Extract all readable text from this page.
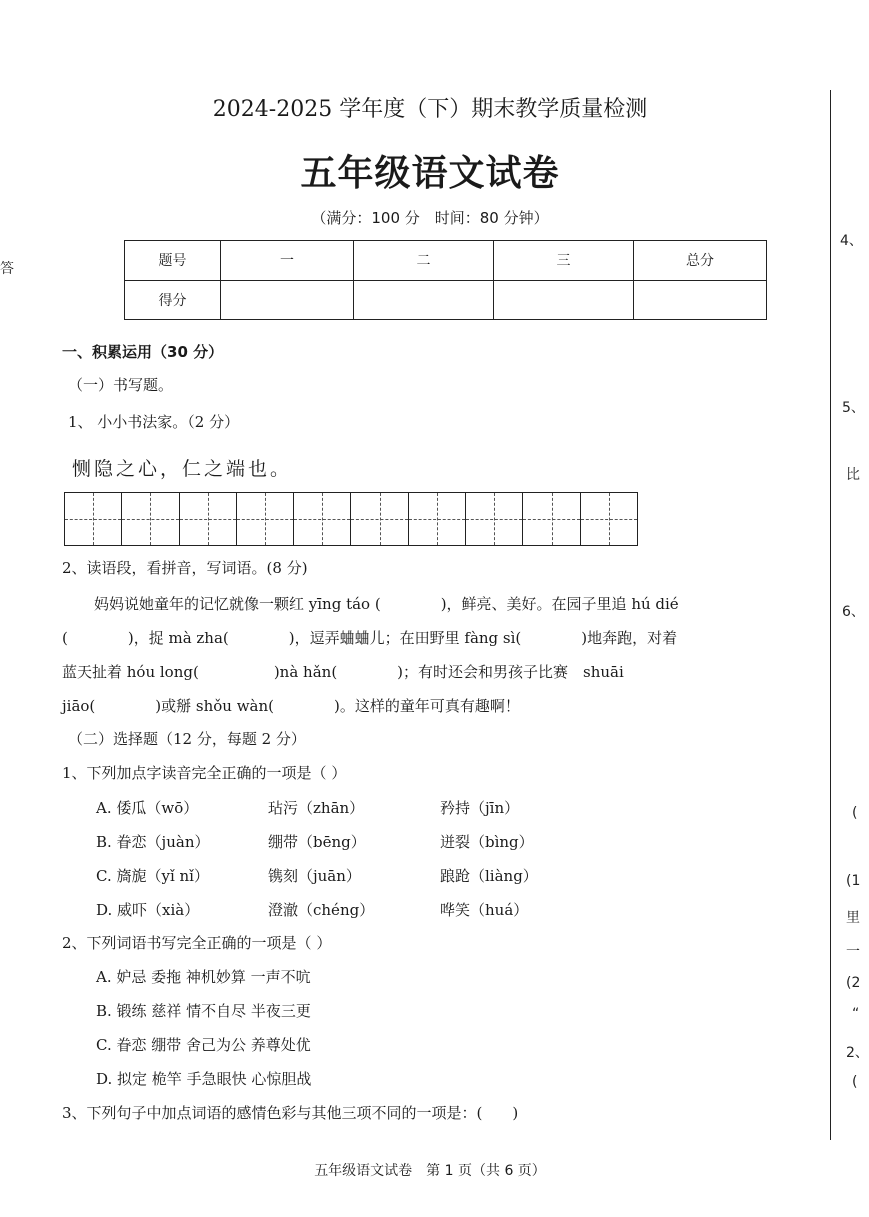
2024-2025 学年度（下）期末教学质量检测
五年级语文试卷
（满分：100 分　时间：80 分钟）
题号	一	二	三	总分
得分				
一、积累运用（30 分）
（一）书写题。
1、 小小书法家。（2 分）
恻隐之心，仁之端也。
2、读语段，看拼音，写词语。(8 分)
妈妈说她童年的记忆就像一颗红 yīng táo (　　　　)，鲜亮、美好。在园子里追 hú dié
(　　　　)，捉 mà zha(　　　　)，逗弄蛐蛐儿；在田野里 fàng sì(　　　　)地奔跑，对着
蓝天扯着 hóu long(　　　　　)nà hǎn(　　　　)；有时还会和男孩子比赛　shuāi
jiāo(　　　　)或掰 shǒu wàn(　　　　)。这样的童年可真有趣啊！
（二）选择题（12 分，每题 2 分）
1、下列加点字读音完全正确的一项是（ ）
A. 倭瓜（wō）	玷污（zhān）	矜持（jīn）
B. 眷恋（juàn）	绷带（bēng）	迸裂（bìng）
C. 旖旎（yǐ nǐ）	镌刻（juān）	踉跄（liàng）
D. 威吓（xià）	澄澈（chéng）	哗笑（huá）
2、下列词语书写完全正确的一项是（ ）
A. 妒忌 委拖 神机妙算 一声不吭
B. 锻练 慈祥 情不自尽 半夜三更
C. 眷恋 绷带 舍己为公 养尊处优
D. 拟定 桅竿 手急眼快 心惊胆战
3、下列句子中加点词语的感情色彩与其他三项不同的一项是：(　　)
答
4、
5、
比
6、
(
(1
里
一
(2
“
2、
(
五年级语文试卷　第 1 页（共 6 页）
